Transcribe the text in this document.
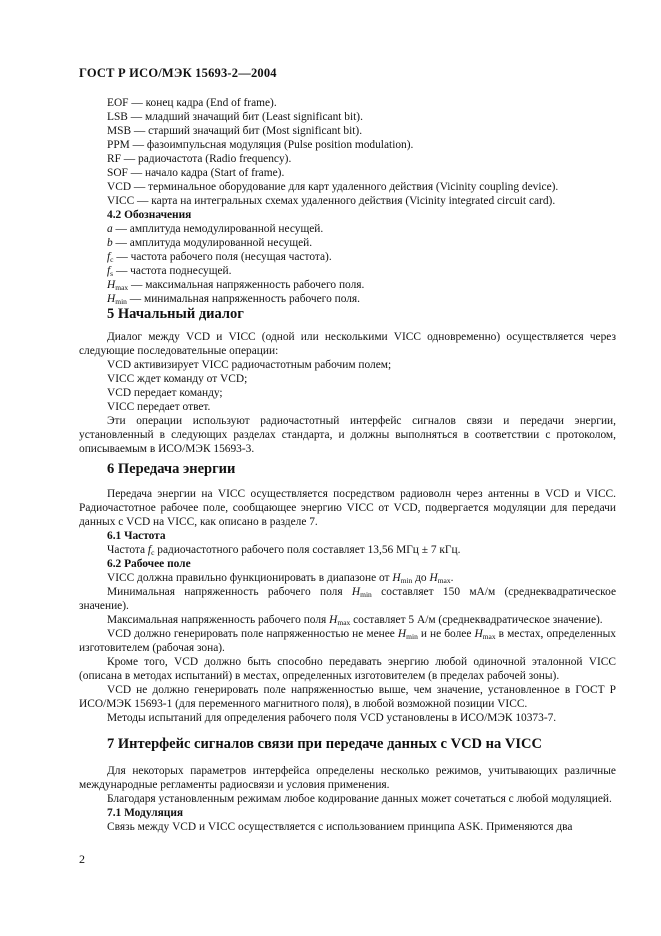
ГОСТ Р ИСО/МЭК 15693-2—2004

EOF — конец кадра (End of frame).

LSB — младший значащий бит (Least significant bit).

MSB — старший значащий бит (Most significant bit).

PPM — фазоимпульсная модуляция (Pulse position modulation).

RF — радиочастота (Radio frequency).

SOF — начало кадра (Start of frame).

VCD — терминальное оборудование для карт удаленного действия (Vicinity coupling device).

VICC — карта на интегральных схемах удаленного действия (Vicinity integrated circuit card).

4.2 Обозначения

a — амплитуда немодулированной несущей.

b — амплитуда модулированной несущей.

$f_c$ — частота рабочего поля (несущая частота).

$f_s$ — частота поднесущей.

$H_{max}$ — максимальная напряженность рабочего поля.

$H_{min}$ — минимальная напряженность рабочего поля.

5 Начальный диалог

Диалог между VCD и VICC (одной или несколькими VICC одновременно) осуществляется через следующие последовательные операции:

VCD активизирует VICC радиочастотным рабочим полем;

VICC ждет команду от VCD;

VCD передает команду;

VICC передает ответ.

Эти операции используют радиочастотный интерфейс сигналов связи и передачи энергии, установленный в следующих разделах стандарта, и должны выполняться в соответствии с протоколом, описываемым в ИСО/МЭК 15693-3.

6 Передача энергии

Передача энергии на VICC осуществляется посредством радиоволн через антенны в VCD и VICC. Радиочастотное рабочее поле, сообщающее энергию VICC от VCD, подвергается модуляции для передачи данных с VCD на VICC, как описано в разделе 7.

6.1 Частота

Частота $f_c$ радиочастотного рабочего поля составляет 13,56 МГц ± 7 кГц.

6.2 Рабочее поле

VICC должна правильно функционировать в диапазоне от $H_{min}$ до $H_{max}$.

Минимальная напряженность рабочего поля $H_{min}$ составляет 150 мА/м (среднеквадратическое значение).

Максимальная напряженность рабочего поля $H_{max}$ составляет 5 А/м (среднеквадратическое значение).

VCD должно генерировать поле напряженностью не менее $H_{min}$ и не более $H_{max}$ в местах, определенных изготовителем (рабочая зона).

Кроме того, VCD должно быть способно передавать энергию любой одиночной эталонной VICC (описана в методах испытаний) в местах, определенных изготовителем (в пределах рабочей зоны).

VCD не должно генерировать поле напряженностью выше, чем значение, установленное в ГОСТ Р ИСО/МЭК 15693-1 (для переменного магнитного поля), в любой возможной позиции VICC.

Методы испытаний для определения рабочего поля VCD установлены в ИСО/МЭК 10373-7.

7 Интерфейс сигналов связи при передаче данных с VCD на VICC

Для некоторых параметров интерфейса определены несколько режимов, учитывающих различные международные регламенты радиосвязи и условия применения.

Благодаря установленным режимам любое кодирование данных может сочетаться с любой модуляцией.

7.1 Модуляция

Связь между VCD и VICC осуществляется с использованием принципа ASK. Применяются два

2
